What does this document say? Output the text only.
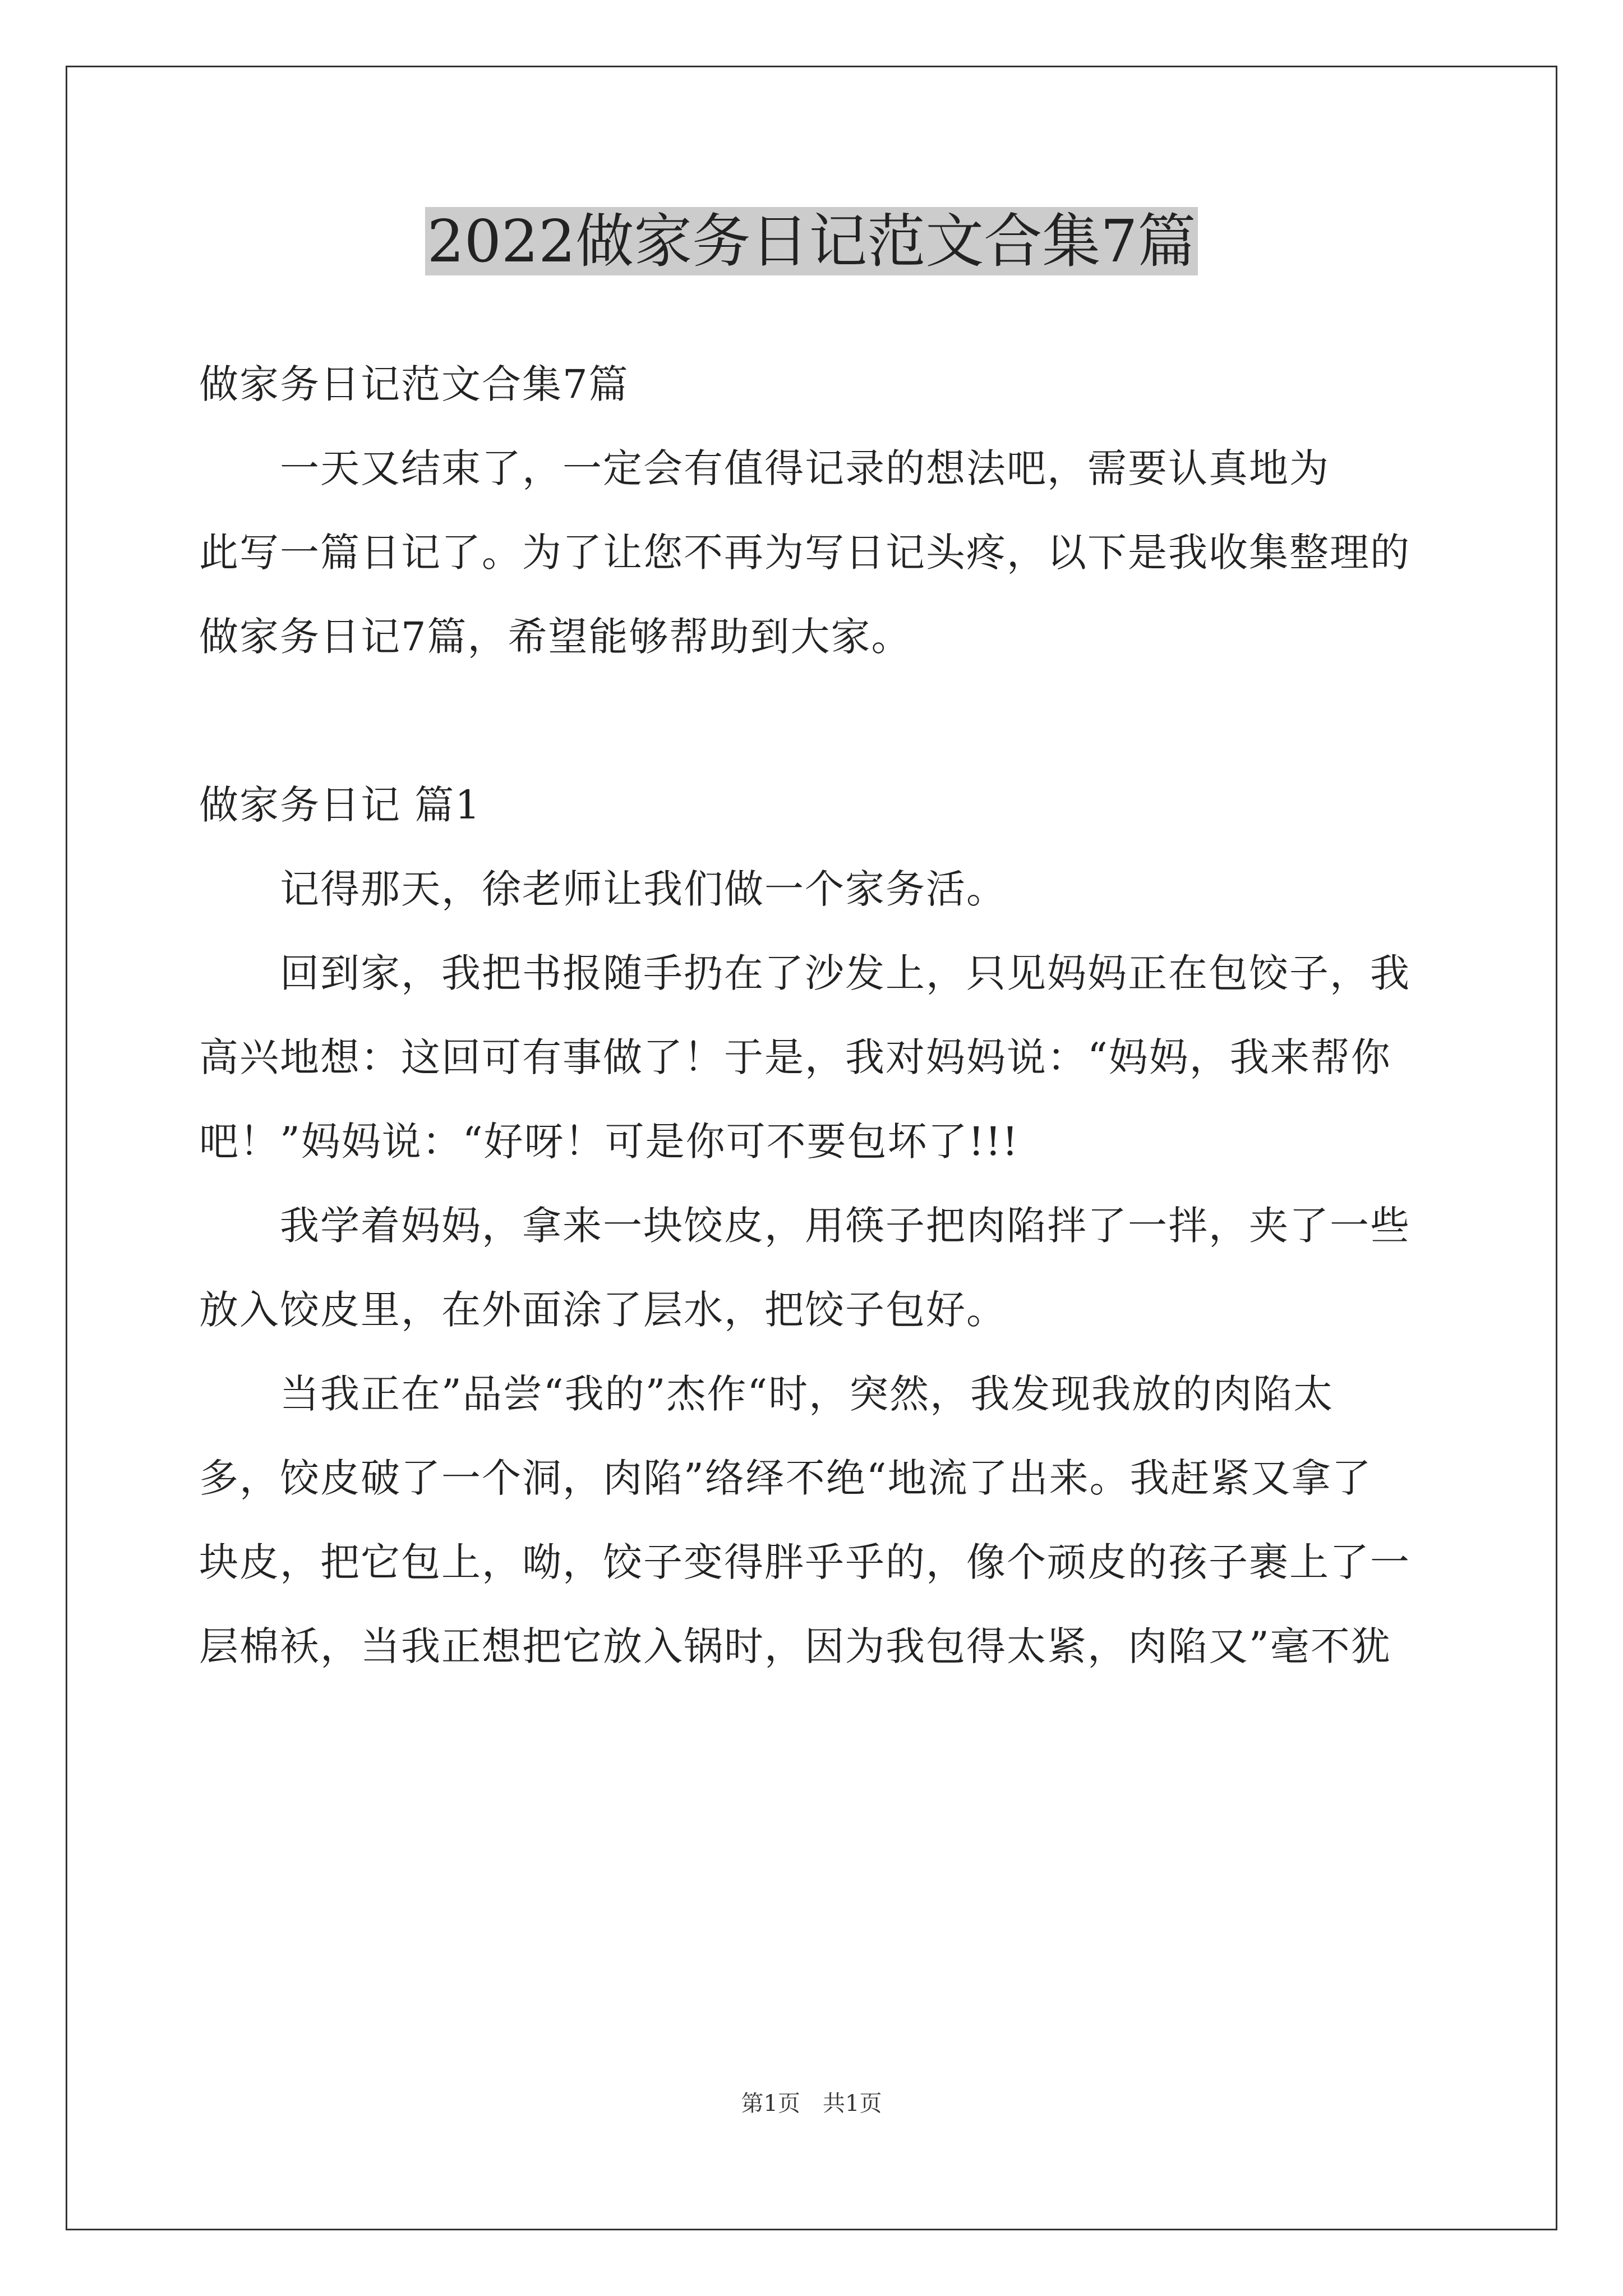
2022做家务日记范文合集7篇
做家务日记范文合集7篇
　　一天又结束了，一定会有值得记录的想法吧，需要认真地为
此写一篇日记了。为了让您不再为写日记头疼，以下是我收集整理的
做家务日记7篇，希望能够帮助到大家。
做家务日记 篇1
　　记得那天，徐老师让我们做一个家务活。
　　回到家，我把书报随手扔在了沙发上，只见妈妈正在包饺子，我
高兴地想：这回可有事做了！于是，我对妈妈说：“妈妈，我来帮你
吧！”妈妈说：“好呀！可是你可不要包坏了!!!
　　我学着妈妈，拿来一块饺皮，用筷子把肉陷拌了一拌，夹了一些
放入饺皮里，在外面涂了层水，把饺子包好。
　　当我正在”品尝“我的”杰作“时，突然，我发现我放的肉陷太
多，饺皮破了一个洞，肉陷”络绎不绝“地流了出来。我赶紧又拿了
块皮，把它包上，呦，饺子变得胖乎乎的，像个顽皮的孩子裹上了一
层棉袄，当我正想把它放入锅时，因为我包得太紧，肉陷又”毫不犹
第1页　共1页
